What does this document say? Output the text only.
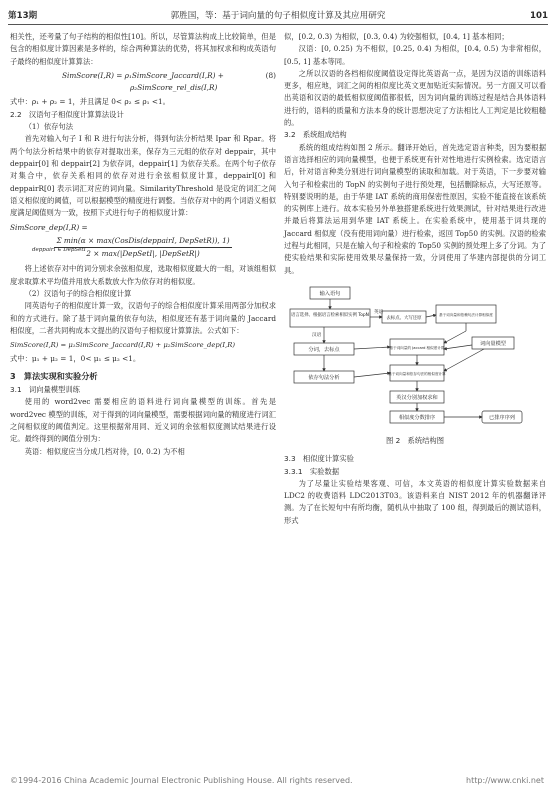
第13期	郭胜国，等：基于词向量的句子相似度计算及其应用研究	101

相关性，还考量了句子结构的相似性[10]。所以，尽管算法构成上比较简单，但是包含的相似度计算因素是多样的，综合两种算法的优势，将其加权求和构成英语句子最终的相似度计算算法：

SimScore(I,R) = ρ₁SimScore_Jaccard(I,R) +
ρ₂SimScore_rel_dis(I,R)
(8)

式中：ρ₁ + ρ₂ = 1，并且满足 0< ρ₂ ≤ ρ₁ <1。

2.2　汉语句子相似度计算算法设计
（1）依存句法

首先对输入句子 I 和 R 进行句法分析，得到句法分析结果 Ipar 和 Rpar。将两个句法分析结果中的依存对提取出来，保存为三元组的依存对 deppair，其中 deppair[0] 和 deppair[2] 为依存词，deppair[1] 为依存关系。在两个句子依存对集合中，依存关系相同的依存对进行余弦相似度计算，deppairI[0] 和 deppairR[0] 表示词汇对应的词向量。SimilarityThreshold 是设定的词汇之间语义相似度的阈值，可以根据模型的精度进行调整。当依存对中的两个词语义相似度满足阈值则为一致，按照下式进行句子的相似度计算：

SimScore_dep(I,R) =
$\frac{\text{Σ min(α × max(CosDis(deppairI, DepSetR)), 1)}}{\text{2 × max(|DepSetI|, |DepSetR|)}}$
deppairI ∈ DepSetI

将上述依存对中的词分别求余弦相似度，选取相似度最大的一组，对该组相似度求取算术平均值并用放大系数放大作为依存对的相似度。

（2）汉语句子的综合相似度计算

同英语句子的相似度计算一致，汉语句子的综合相似度计算采用两部分加权求和的方式进行。除了基于词向量的依存句法，相似度还有基于词向量的 Jaccard 相似度，二者共同构成本文提出的汉语句子相似度计算算法。公式如下：

SimScore(I,R) = μ₁SimScore_Jaccard(I,R) + μ₂SimScore_dep(I,R)

式中：μ₁ + μ₂ = 1，0< μ₁ ≤ μ₂ <1。

3　算法实现和实验分析
3.1　词向量模型训练

使用的 word2vec 需要相应的语料进行词向量模型的训练。首先是 word2vec 模型的训练，对于得到的词向量模型，需要根据词向量的精度进行词汇之间相似度的阈值判定。这里根据常用同、近义词的余弦相似度测试结果进行设定。最终得到的阈值分别为：

英语：相似度应当分成几档对待，[0, 0.2) 为不相

似，[0.2, 0.3) 为相似，[0.3, 0.4) 为较强相似，[0.4, 1] 基本相同；

汉语：[0, 0.25) 为不相似，[0.25, 0.4) 为相似，[0.4, 0.5) 为非常相似，[0.5, 1] 基本等同。

之所以汉语的各档相似度阈值设定得比英语高一点，是因为汉语的训练语料更多，相应地，词汇之间的相似度比英文更加贴近实际情况。另一方面又可以看出英语和汉语的最低相似度阈值都很低，因为词向量的训练过程是结合具体语料进行的，语料的质量和方法本身的统计思想决定了方法相比人工判定是比较粗糙的。

3.2　系统组成结构

系统的组成结构如图 2 所示。翻译开始后，首先选定语言种类，因为要根据语言选择相应的词向量模型，也便于系统更有针对性地进行实例检索。选定语言后，针对语言种类分别进行词向量模型的读取和加载。对于英语，下一步要对输入句子和检索出的 TopN 的实例句子进行预处理，包括删除标点，大写还原等。特别要说明的是，由于华建 IAT 系统的商用保密性原因，实验不能直接在该系统的实例库上进行。故本实验另外单独搭建系统进行效果测试，针对结果进行改进并最后将算法运用到华建 IAT 系统上。在实验系统中，使用基于词共现的 Jaccard 相似度（没有使用词向量）进行检索，返回 Top50 的实例。汉语的检索过程与此相同，只是在输入句子和检索的 Top50 实例的预处理上多了分词。为了使实验结果和实际使用效果尽量保持一致，分词使用了华建内部提供的分词工具。

输入语句
语言选择、根据语言检索相似实例 TopN
英语
汉语
分词，去标点
去标点、大写还原
基于词向量和依赖句法计算相似度
基于词向量的 Jaccard 相似度计算
词向量模型
依存句法分析
基于词向量和依存句法的相似度计算
英汉分别加权求和
相似度分数排序	已排序序列
图 2　系统结构图
3.3　相似度计算实验
3.3.1　实验数据

为了尽量让实验结果客观、可信，本文英语的相似度计算实验数据来自 LDC2 的收费语料 LDC2013T03。该语料来自 NIST 2012 年的机器翻译评测。为了在长短句中有所均衡，随机从中抽取了 100 组，得到最后的测试语料，形式

©1994-2016 China Academic Journal Electronic Publishing House. All rights reserved.	http://www.cnki.net
